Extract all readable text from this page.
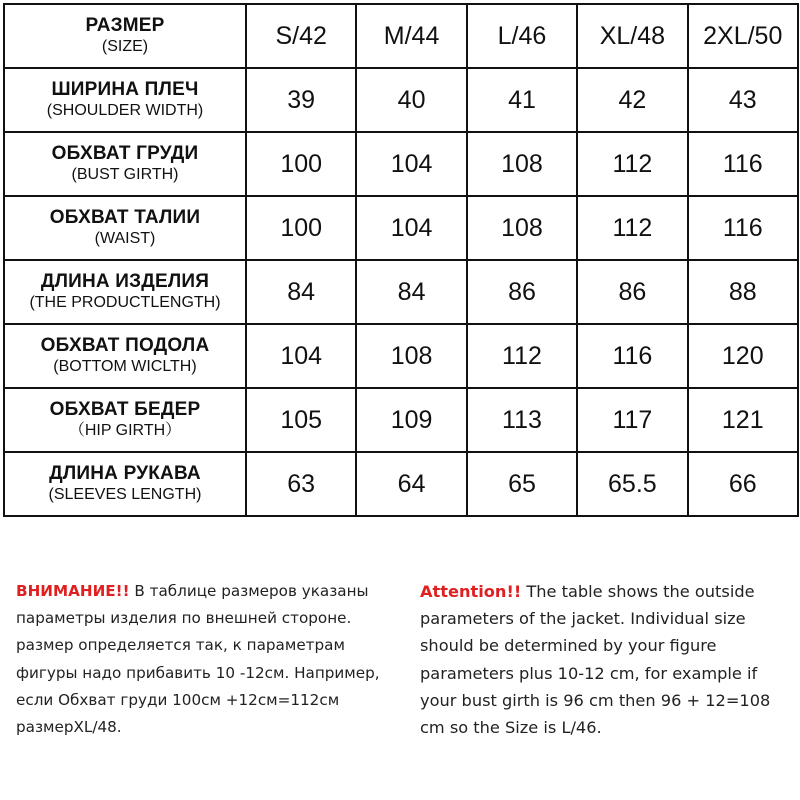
РАЗМЕР
(SIZE)	S/42	M/44	L/46	XL/48	2XL/50

ШИРИНА ПЛЕЧ
(SHOULDER WIDTH)	39	40	41	42	43

ОБХВАТ ГРУДИ
(BUST GIRTH)	100	104	108	112	116

ОБХВАТ ТАЛИИ
(WAIST)	100	104	108	112	116

ДЛИНА ИЗДЕЛИЯ
(THE PRODUCTLENGTH)	84	84	86	86	88

ОБХВАТ ПОДОЛА
(BOTTOM WICLTH)	104	108	112	116	120

ОБХВАТ БЕДЕР
（HIP GIRTH）	105	109	113	117	121

ДЛИНА РУКАВА
(SLEEVES LENGTH)	63	64	65	65.5	66

ВНИМАНИЕ!! В таблице размеров указаны параметры изделия по внешней стороне. размер определяется так, к параметрам фигуры надо прибавить 10 -12см. Например, если Обхват груди 100см +12см=112см размерXL/48.

Attention!! The table shows the outside parameters of the jacket. Individual size should be determined by your figure parameters plus 10-12 cm, for example if your bust girth is 96 cm then 96 + 12=108 cm so the Size is L/46.
